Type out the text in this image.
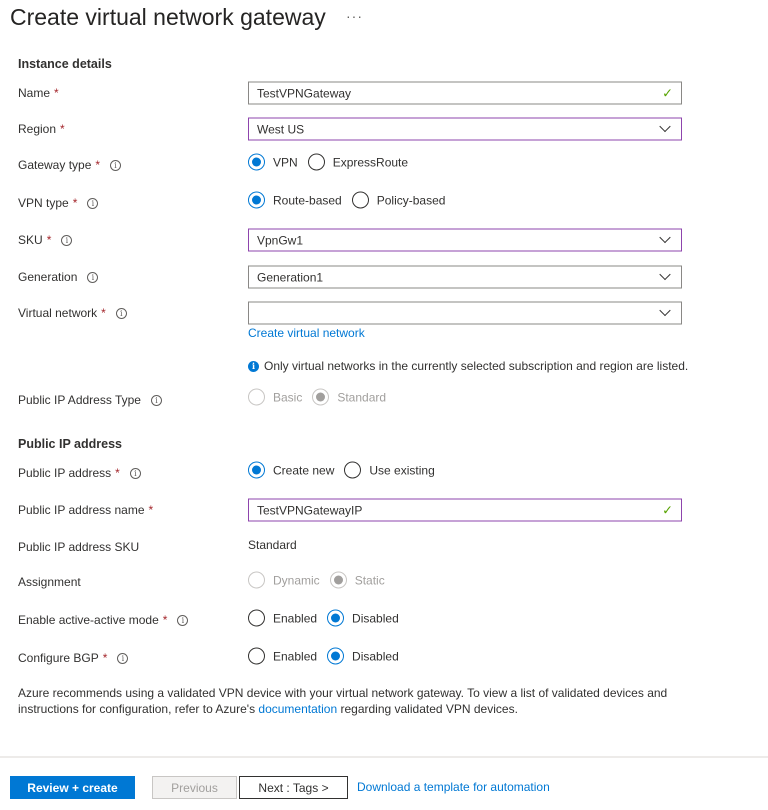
Create virtual network gateway ···
Instance details
Name *	TestVPNGateway	✓
Region *	West US
Gateway type *	i	VPN	ExpressRoute
VPN type *	i	Route-based	Policy-based
SKU *	i	VpnGw1
Generation	i	Generation1
Virtual network *	i
Create virtual network
i Only virtual networks in the currently selected subscription and region are listed.
Public IP Address Type	i	Basic	Standard
Public IP address
Public IP address *	i	Create new	Use existing
Public IP address name *	TestVPNGatewayIP	✓
Public IP address SKU	Standard
Assignment	Dynamic	Static
Enable active-active mode *	i	Enabled	Disabled
Configure BGP *	i	Enabled	Disabled
Azure recommends using a validated VPN device with your virtual network gateway. To view a list of validated devices and instructions for configuration, refer to Azure's documentation regarding validated VPN devices.
Review + create	Previous	Next : Tags >	Download a template for automation
